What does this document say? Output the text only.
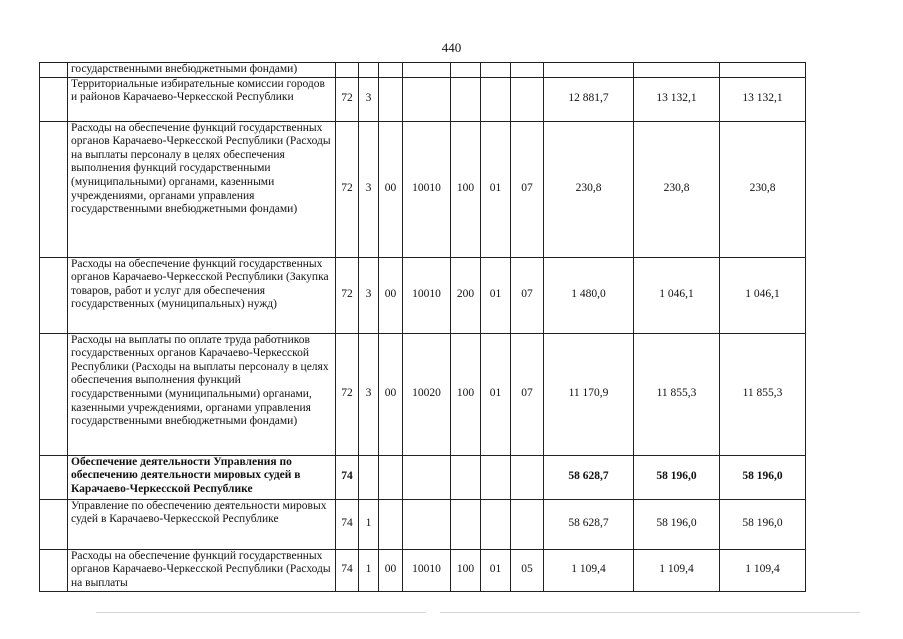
440
	государственными внебюджетными фондами)										
	Территориальные избирательные комиссии городов и районов Карачаево-Черкесской Республики	72	3						12 881,7	13 132,1	13 132,1
	Расходы на обеспечение функций государственных органов Карачаево-Черкесской Республики (Расходы на выплаты персоналу в целях обеспечения выполнения функций государственными (муниципальными) органами, казенными учреждениями, органами управления государственными внебюджетными фондами)	72	3	00	10010	100	01	07	230,8	230,8	230,8
	Расходы на обеспечение функций государственных органов Карачаево-Черкесской Республики (Закупка товаров, работ и услуг для обеспечения государственных (муниципальных) нужд)	72	3	00	10010	200	01	07	1 480,0	1 046,1	1 046,1
	Расходы на выплаты по оплате труда работников государственных органов Карачаево-Черкесской Республики (Расходы на выплаты персоналу в целях обеспечения выполнения функций государственными (муниципальными) органами, казенными учреждениями, органами управления государственными внебюджетными фондами)	72	3	00	10020	100	01	07	11 170,9	11 855,3	11 855,3
	Обеспечение деятельности Управления по обеспечению деятельности мировых судей в Карачаево-Черкесской Республике	74							58 628,7	58 196,0	58 196,0
	Управление по обеспечению деятельности мировых судей в Карачаево-Черкесской Республике	74	1						58 628,7	58 196,0	58 196,0
	Расходы на обеспечение функций государственных органов Карачаево-Черкесской Республики (Расходы на выплаты	74	1	00	10010	100	01	05	1 109,4	1 109,4	1 109,4
